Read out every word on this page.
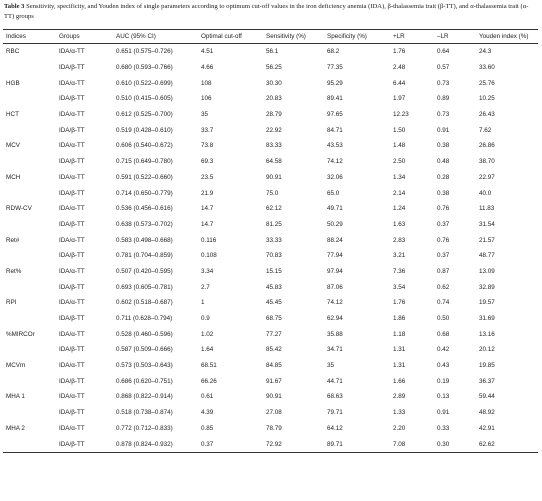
Table 3 Sensitivity, specificity, and Youden index of single parameters according to optimum cut-off values in the iron deficiency anemia (IDA), β-thalassemia trait (β-TT), and α-thalassemia trait (α-TT) groups
Indices	Groups	AUC (95% CI)	Optimal cut-off	Sensitivity (%)	Specificity (%)	+LR	–LR	Youden index (%)
RBC	IDA/α-TT	0.651 (0.575–0.726)	4.51	56.1	68.2	1.76	0.64	24.3
	IDA/β-TT	0.680 (0.593–0.766)	4.66	56.25	77.35	2.48	0.57	33.60
HGB	IDA/α-TT	0.610 (0.522–0.699)	108	30.30	95.29	6.44	0.73	25.76
	IDA/β-TT	0.510 (0.415–0.605)	106	20.83	89.41	1.97	0.89	10.25
HCT	IDA/α-TT	0.612 (0.525–0.700)	35	28.79	97.65	12.23	0.73	26.43
	IDA/β-TT	0.519 (0.428–0.610)	33.7	22.92	84.71	1.50	0.91	7.62
MCV	IDA/α-TT	0.606 (0.540–0.672)	73.8	83.33	43.53	1.48	0.38	26.86
	IDA/β-TT	0.715 (0.649–0.780)	69.3	64.58	74.12	2.50	0.48	38.70
MCH	IDA/α-TT	0.591 (0.522–0.660)	23.5	90.91	32.06	1.34	0.28	22.97
	IDA/β-TT	0.714 (0.650–0.779)	21.9	75.0	65.0	2.14	0.38	40.0
RDW-CV	IDA/α-TT	0.536 (0.456–0.616)	14.7	62.12	49.71	1.24	0.76	11.83
	IDA/β-TT	0.638 (0.573–0.702)	14.7	81.25	50.29	1.63	0.37	31.54
Ret#	IDA/α-TT	0.583 (0.498–0.668)	0.116	33.33	88.24	2.83	0.76	21.57
	IDA/β-TT	0.781 (0.704–0.859)	0.108	70.83	77.94	3.21	0.37	48.77
Ret%	IDA/α-TT	0.507 (0.420–0.595)	3.34	15.15	97.94	7.36	0.87	13.09
	IDA/β-TT	0.693 (0.605–0.781)	2.7	45.83	87.06	3.54	0.62	32.89
RPI	IDA/α-TT	0.602 (0.518–0.687)	1	45.45	74.12	1.76	0.74	19.57
	IDA/β-TT	0.711 (0.628–0.794)	0.9	68.75	62.94	1.86	0.50	31.69
%MIRCOr	IDA/α-TT	0.528 (0.460–0.596)	1.02	77.27	35.88	1.18	0.68	13.16
	IDA/β-TT	0.587 (0.509–0.666)	1.64	85.42	34.71	1.31	0.42	20.12
MCVm	IDA/α-TT	0.573 (0.503–0.643)	68.51	84.85	35	1.31	0.43	19.85
	IDA/β-TT	0.686 (0.620–0.751)	66.26	91.67	44.71	1.66	0.19	36.37
MHA 1	IDA/α-TT	0.868 (0.822–0.914)	0.61	90.91	68.63	2.89	0.13	59.44
	IDA/β-TT	0.518 (0.738–0.874)	4.39	27.08	79.71	1.33	0.91	48.92
MHA 2	IDA/α-TT	0.772 (0.712–0.833)	0.85	78.79	64.12	2.20	0.33	42.91
	IDA/β-TT	0.878 (0.824–0.932)	0.37	72.92	89.71	7.08	0.30	62.62
